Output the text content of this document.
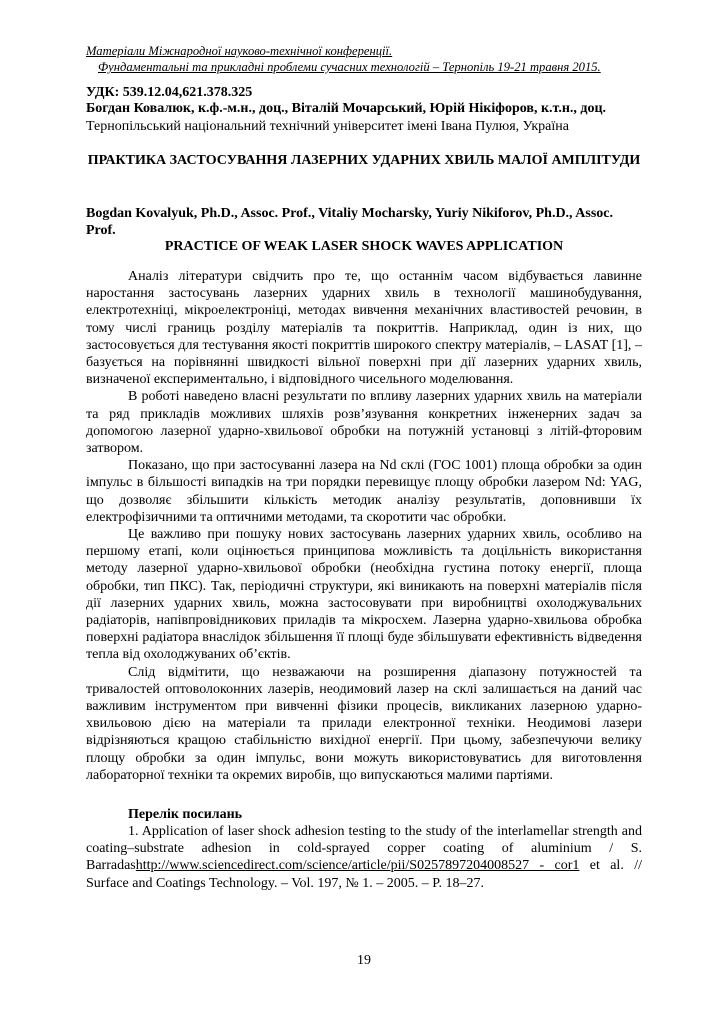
Матеріали Міжнародної науково-технічної конференції.
Фундаментальні та прикладні проблеми сучасних технологій – Тернопіль 19-21 травня 2015.
УДК: 539.12.04,621.378.325
Богдан Ковалюк, к.ф.-м.н., доц., Віталій Мочарський, Юрій Нікіфоров, к.т.н., доц.
Тернопільський національний технічний університет імені Івана Пулюя, Україна
ПРАКТИКА ЗАСТОСУВАННЯ ЛАЗЕРНИХ УДАРНИХ ХВИЛЬ МАЛОЇ АМПЛІТУДИ
Bogdan Kovalyuk, Ph.D., Assoc. Prof., Vitaliy Mocharsky, Yuriy Nikiforov, Ph.D., Assoc. Prof.
PRACTICE OF WEAK LASER SHOCK WAVES APPLICATION

Аналіз літератури свідчить про те, що останнім часом відбувається лавинне наростання застосувань лазерних ударних хвиль в технології машинобудування, електротехніці, мікроелектроніці, методах вивчення механічних властивостей речовин, в тому числі границь розділу матеріалів та покриттів. Наприклад, один із них, що застосовується для тестування якості покриттів широкого спектру матеріалів, – LASAT [1], – базується на порівнянні швидкості вільної поверхні при дії лазерних ударних хвиль, визначеної експериментально, і відповідного чисельного моделювання.

В роботі наведено власні результати по впливу лазерних ударних хвиль на матеріали та ряд прикладів можливих шляхів розв’язування конкретних інженерних задач за допомогою лазерної ударно-хвильової обробки на потужній установці з літій-фторовим затвором.

Показано, що при застосуванні лазера на Nd склі (ГОС 1001) площа обробки за один імпульс в більшості випадків на три порядки перевищує площу обробки лазером Nd: YAG, що дозволяє збільшити кількість методик аналізу результатів, доповнивши їх електрофізичними та оптичними методами, та скоротити час обробки.

Це важливо при пошуку нових застосувань лазерних ударних хвиль, особливо на першому етапі, коли оцінюється принципова можливість та доцільність використання методу лазерної ударно-хвильової обробки (необхідна густина потоку енергії, площа обробки, тип ПКС). Так, періодичні структури, які виникають на поверхні матеріалів після дії лазерних ударних хвиль, можна застосовувати при виробництві охолоджувальних радіаторів, напівпровідникових приладів та мікросхем. Лазерна ударно-хвильова обробка поверхні радіатора внаслідок збільшення її площі буде збільшувати ефективність відведення тепла від охолоджуваних об’єктів.

Слід відмітити, що незважаючи на розширення діапазону потужностей та тривалостей оптоволоконних лазерів, неодимовий лазер на склі залишається на даний час важливим інструментом при вивченні фізики процесів, викликаних лазерною ударно-хвильовою дією на матеріали та прилади електронної техніки. Неодимові лазери відрізняються кращою стабільністю вихідної енергії. При цьому, забезпечуючи велику площу обробки за один імпульс, вони можуть використовуватись для виготовлення лабораторної техніки та окремих виробів, що випускаються малими партіями.

Перелік посилань
1. Application of laser shock adhesion testing to the study of the interlamellar strength and coating–substrate adhesion in cold-sprayed copper coating of aluminium / S. Barradashttp://www.sciencedirect.com/science/article/pii/S0257897204008527 - cor1 et al. // Surface and Coatings Technology. – Vol. 197, № 1. – 2005. – P. 18–27.
19
